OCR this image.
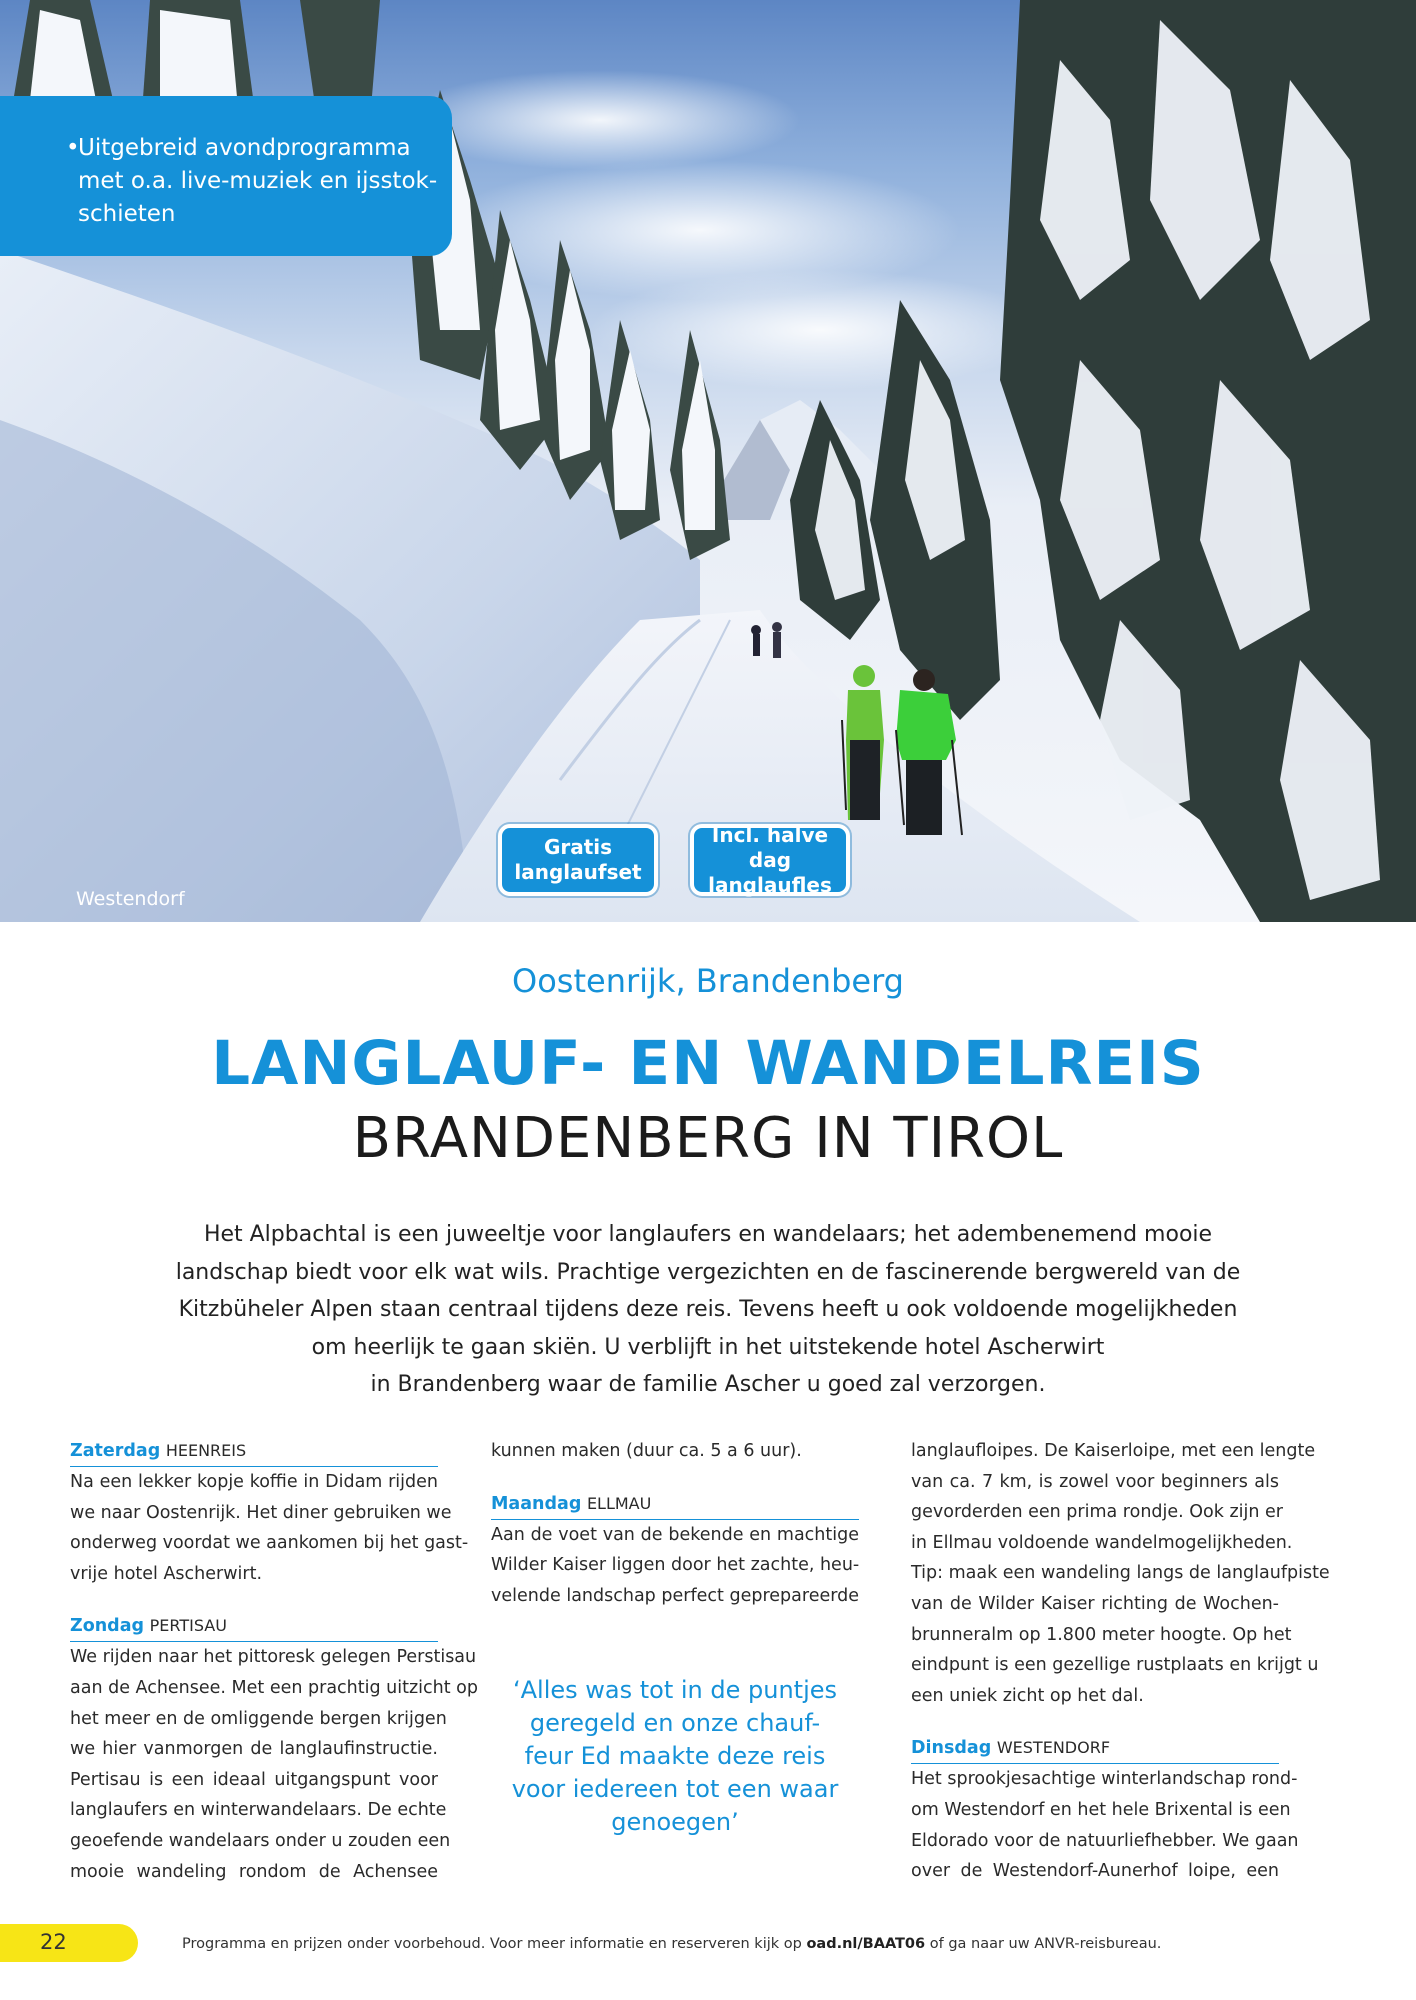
•
Uitgebreid avondprogramma
met o.a. live-muziek en ijsstok-
schieten
Gratis
langlaufset
Incl. halve dag
langlaufles
Westendorf
Oostenrijk, Brandenberg
LANGLAUF- EN WANDELREIS
BRANDENBERG IN TIROL
Het Alpbachtal is een juweeltje voor langlaufers en wandelaars; het adembenemend mooie
landschap biedt voor elk wat wils. Prachtige vergezichten en de fascinerende bergwereld van de
Kitzbüheler Alpen staan centraal tijdens deze reis. Tevens heeft u ook voldoende mogelijkheden
om heerlijk te gaan skiën. U verblijft in het uitstekende hotel Ascherwirt
in Brandenberg waar de familie Ascher u goed zal verzorgen.
Zaterdag HEENREIS
Na een lekker kopje koffie in Didam rijden
we naar Oostenrijk. Het diner gebruiken we
onderweg voordat we aankomen bij het gast-
vrije hotel Ascherwirt.
Zondag PERTISAU
We rijden naar het pittoresk gelegen Perstisau
aan de Achensee. Met een prachtig uitzicht op
het meer en de omliggende bergen krijgen
we hier vanmorgen de langlaufinstructie.
Pertisau is een ideaal uitgangspunt voor
langlaufers en winterwandelaars. De echte
geoefende wandelaars onder u zouden een
mooie wandeling rondom de Achensee
kunnen maken (duur ca. 5 a 6 uur).
Maandag ELLMAU
Aan de voet van de bekende en machtige
Wilder Kaiser liggen door het zachte, heu-
velende landschap perfect geprepareerde
‘Alles was tot in de puntjes
geregeld en onze chauf-
feur Ed maakte deze reis
voor iedereen tot een waar
genoegen’
langlaufloipes. De Kaiserloipe, met een lengte
van ca. 7 km, is zowel voor beginners als
gevorderden een prima rondje. Ook zijn er
in Ellmau voldoende wandelmogelijkheden.
Tip: maak een wandeling langs de langlaufpiste
van de Wilder Kaiser richting de Wochen-
brunneralm op 1.800 meter hoogte. Op het
eindpunt is een gezellige rustplaats en krijgt u
een uniek zicht op het dal.
Dinsdag WESTENDORF
Het sprookjesachtige winterlandschap rond-
om Westendorf en het hele Brixental is een
Eldorado voor de natuurliefhebber. We gaan
over de Westendorf-Aunerhof loipe, een
22	Programma en prijzen onder voorbehoud. Voor meer informatie en reserveren kijk op oad.nl/BAAT06 of ga naar uw ANVR-reisbureau.
